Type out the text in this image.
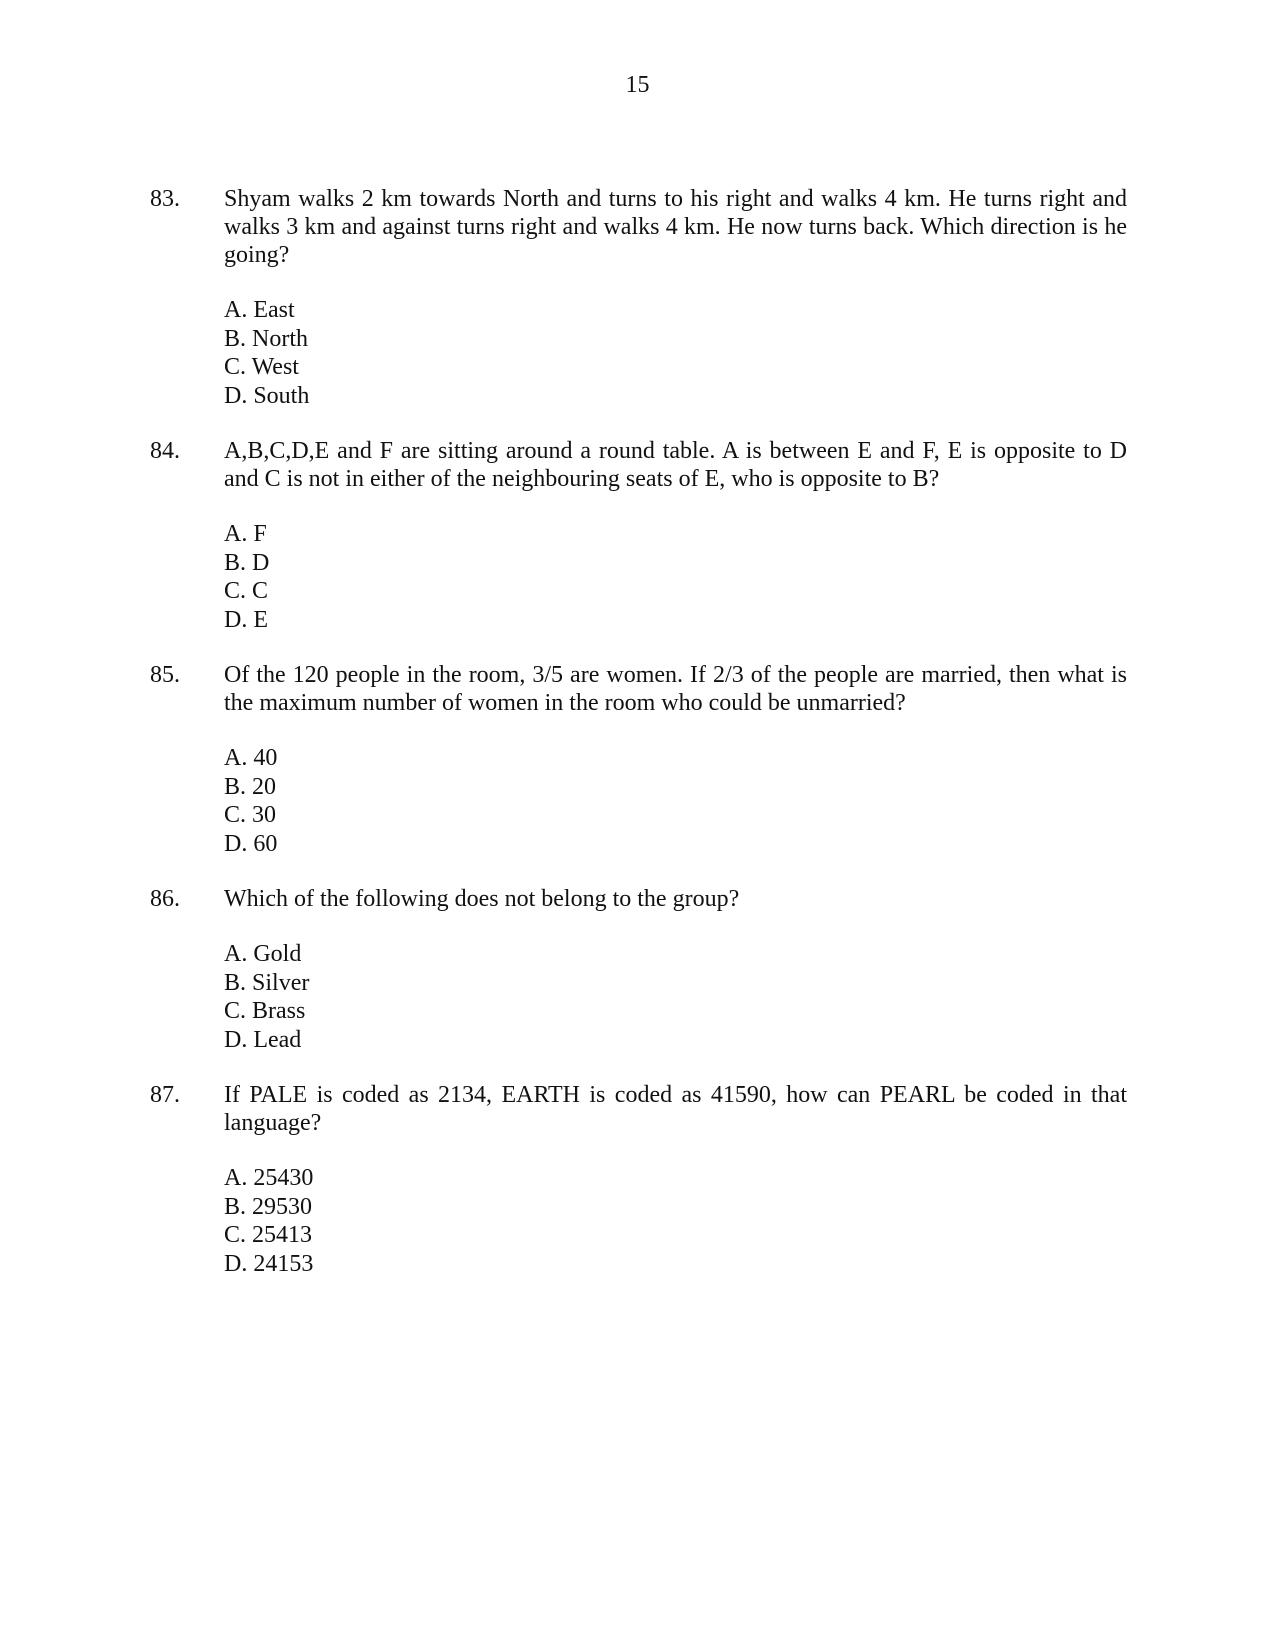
15
83. Shyam walks 2 km towards North and turns to his right and walks 4 km. He turns right and walks 3 km and against turns right and walks 4 km. He now turns back. Which direction is he going?
A. East
B. North
C. West
D. South
84. A,B,C,D,E and F are sitting around a round table. A is between E and F, E is opposite to D and C is not in either of the neighbouring seats of E, who is opposite to B?
A. F
B. D
C. C
D. E
85. Of the 120 people in the room, 3/5 are women. If 2/3 of the people are married, then what is the maximum number of women in the room who could be unmarried?
A. 40
B. 20
C. 30
D. 60
86. Which of the following does not belong to the group?
A. Gold
B. Silver
C. Brass
D. Lead
87. If PALE is coded as 2134, EARTH is coded as 41590, how can PEARL be coded in that language?
A. 25430
B. 29530
C. 25413
D. 24153
